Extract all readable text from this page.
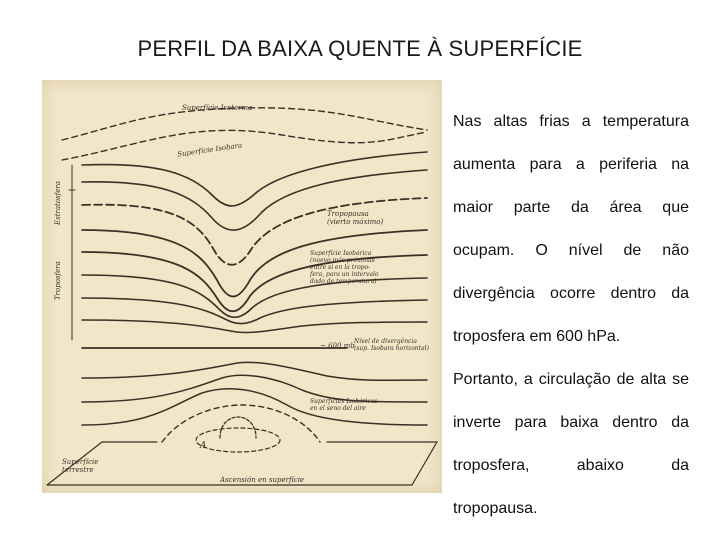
PERFIL DA BAIXA QUENTE À SUPERFÍCIE
Superfície Isoterma
Superfície Isobara
Estratosfera
Troposfera
Tropopausa
(vierto máximo)
Superfície Isobárica
(nuevo más próximas
entre si en la tropo-
fera, para un intervalo
dado de temperatura)
~ 600 mb
Nível de divergência
(sup. Isobara horizontal)
Superfícies Isobáricas
en el seno del aire
A
Superfície
terrestre
Ascensión en superfície

Nas altas frias a temperatura aumenta para a periferia na maior parte da área que ocupam. O nível de não divergência ocorre dentro da troposfera em 600 hPa.

Portanto, a circulação de alta se inverte para baixa dentro da troposfera, abaixo da tropopausa.
